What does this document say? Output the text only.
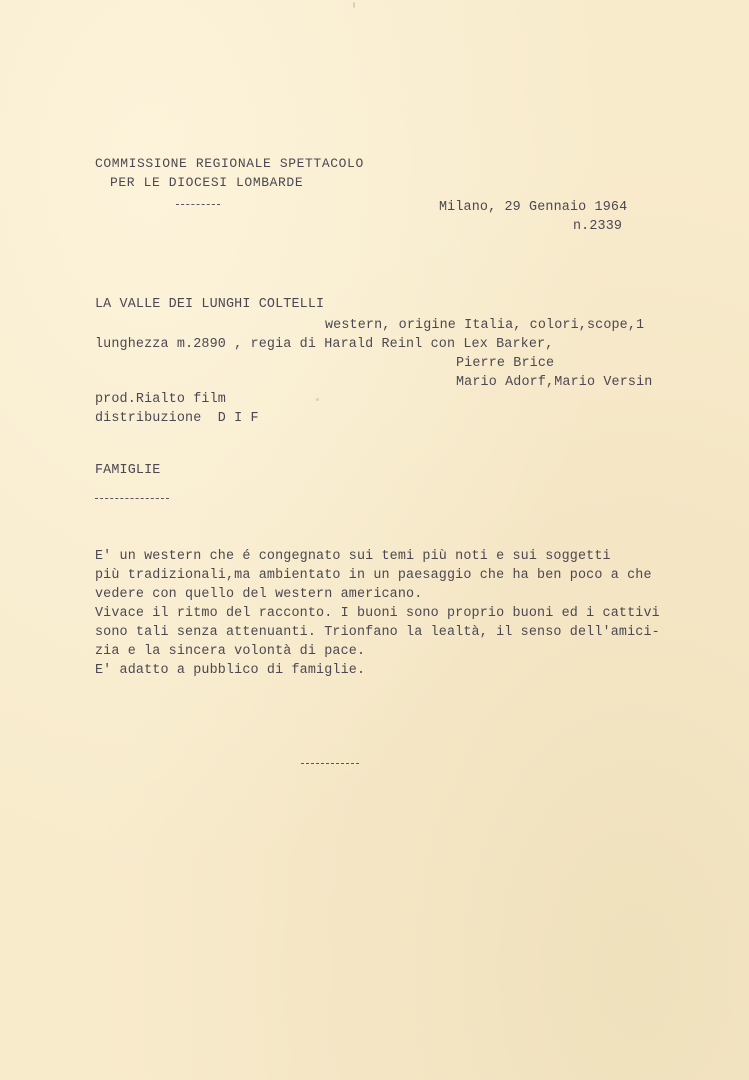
COMMISSIONE REGIONALE SPETTACOLO
PER LE DIOCESI LOMBARDE
Milano, 29 Gennaio 1964
n.2339
LA VALLE DEI LUNGHI COLTELLI
western, origine Italia, colori,scope,1
lunghezza m.2890 , regia di Harald Reinl con Lex Barker,
Pierre Brice
Mario Adorf,Mario Versin
prod.Rialto film
distribuzione  D I F
FAMIGLIE
E' un western che é congegnato sui temi più noti e sui soggetti
più tradizionali,ma ambientato in un paesaggio che ha ben poco a che
vedere con quello del western americano.
Vivace il ritmo del racconto. I buoni sono proprio buoni ed i cattivi
sono tali senza attenuanti. Trionfano la lealtà, il senso dell'amici-
zia e la sincera volontà di pace.
E' adatto a pubblico di famiglie.
